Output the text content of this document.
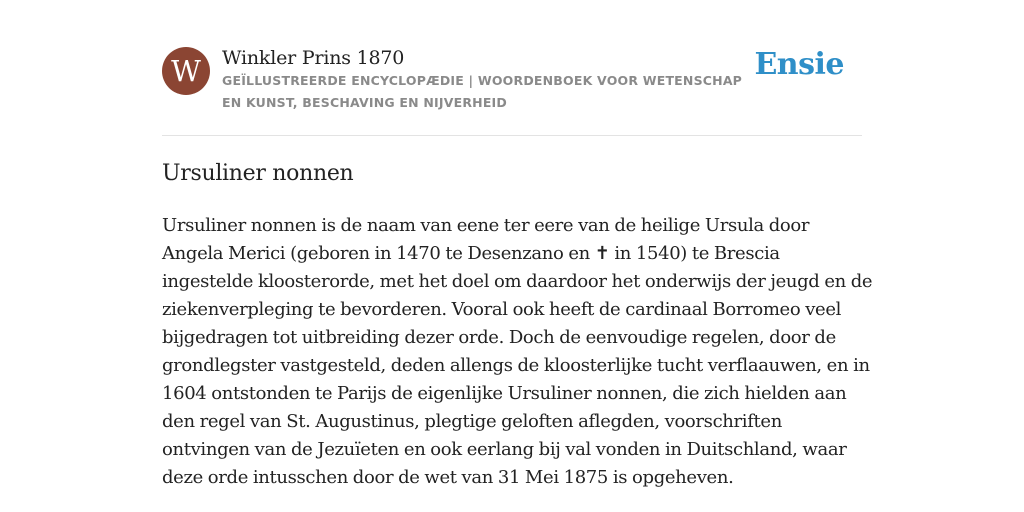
W	Winkler Prins 1870
GEÏLLUSTREERDE ENCYCLOPÆDIE | WOORDENBOEK VOOR WETENSCHAP EN KUNST, BESCHAVING EN NIJVERHEID
Ensie
Ursuliner nonnen

Ursuliner nonnen is de naam van eene ter eere van de heilige Ursula door Angela Merici (geboren in 1470 te Desenzano en ✝ in 1540) te Brescia ingestelde kloosterorde, met het doel om daardoor het onderwijs der jeugd en de ziekenverpleging te bevorderen. Vooral ook heeft de cardinaal Borromeo veel bijgedragen tot uitbreiding dezer orde. Doch de eenvoudige regelen, door de grondlegster vastgesteld, deden allengs de kloosterlijke tucht verflaauwen, en in 1604 ontstonden te Parijs de eigenlijke Ursuliner nonnen, die zich hielden aan den regel van St. Augustinus, plegtige geloften aflegden, voorschriften ontvingen van de Jezuïeten en ook eerlang bij val vonden in Duitschland, waar deze orde intusschen door de wet van 31 Mei 1875 is opgeheven.
